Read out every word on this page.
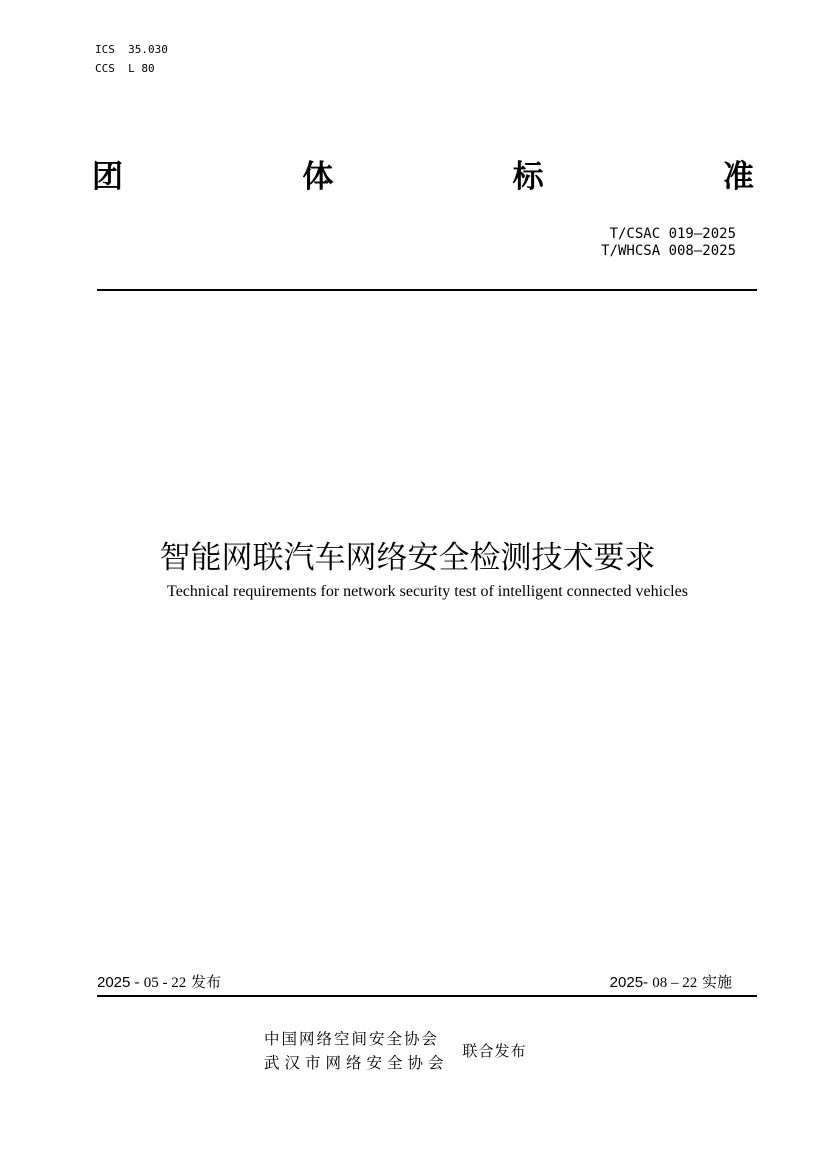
ICS  35.030
CCS  L 80
团	体	标	准
T/CSAC 019—2025
T/WHCSA 008—2025
智能网联汽车网络安全检测技术要求
Technical requirements for network security test of intelligent connected vehicles
2025 - 05 - 22 发布	2025- 08 – 22 实施
中国网络空间安全协会
武汉市网络安全协会
联合发布
